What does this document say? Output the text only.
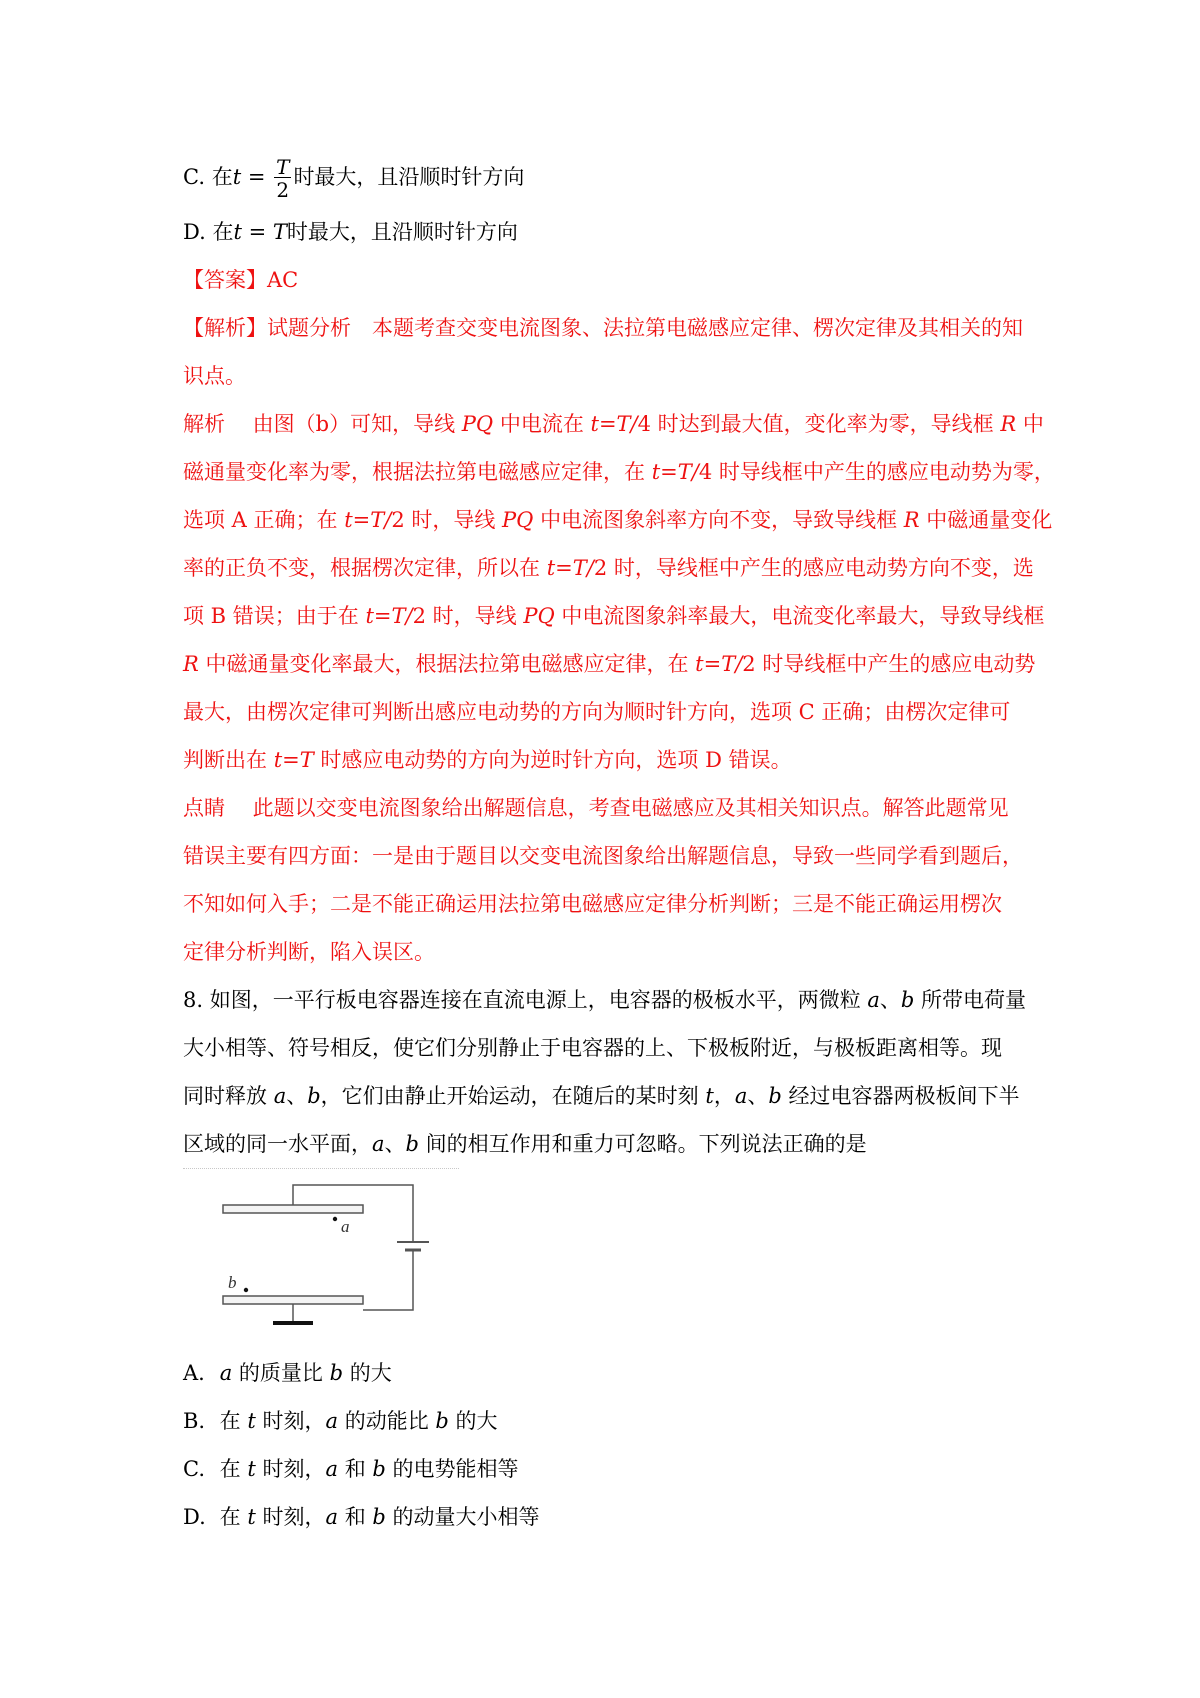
C. 在$t = \frac{T}{2}$ 时最大，且沿顺时针方向
D. 在t = T时最大，且沿顺时针方向
【答案】AC
【解析】试题分析　本题考查交变电流图象、法拉第电磁感应定律、楞次定律及其相关的知
识点。
解析　 由图（b）可知，导线 PQ 中电流在 t=T/4 时达到最大值，变化率为零，导线框 R 中
磁通量变化率为零，根据法拉第电磁感应定律，在 t=T/4 时导线框中产生的感应电动势为零，
选项 A 正确；在 t=T/2 时，导线 PQ 中电流图象斜率方向不变，导致导线框 R 中磁通量变化
率的正负不变，根据楞次定律，所以在 t=T/2 时，导线框中产生的感应电动势方向不变，选
项 B 错误；由于在 t=T/2 时，导线 PQ 中电流图象斜率最大，电流变化率最大，导致导线框
R 中磁通量变化率最大，根据法拉第电磁感应定律，在 t=T/2 时导线框中产生的感应电动势
最大，由楞次定律可判断出感应电动势的方向为顺时针方向，选项 C 正确；由楞次定律可
判断出在 t=T 时感应电动势的方向为逆时针方向，选项 D 错误。
点睛　 此题以交变电流图象给出解题信息，考查电磁感应及其相关知识点。解答此题常见
错误主要有四方面：一是由于题目以交变电流图象给出解题信息，导致一些同学看到题后，
不知如何入手；二是不能正确运用法拉第电磁感应定律分析判断；三是不能正确运用楞次
定律分析判断，陷入误区。
8. 如图，一平行板电容器连接在直流电源上，电容器的极板水平，两微粒 a、b 所带电荷量
大小相等、符号相反，使它们分别静止于电容器的上、下极板附近，与极板距离相等。现
同时释放 a、b，它们由静止开始运动，在随后的某时刻 t，a、b 经过电容器两极板间下半
区域的同一水平面，a、b 间的相互作用和重力可忽略。下列说法正确的是
a
b
A. a 的质量比 b 的大
B. 在 t 时刻，a 的动能比 b 的大
C. 在 t 时刻，a 和 b 的电势能相等
D. 在 t 时刻，a 和 b 的动量大小相等
